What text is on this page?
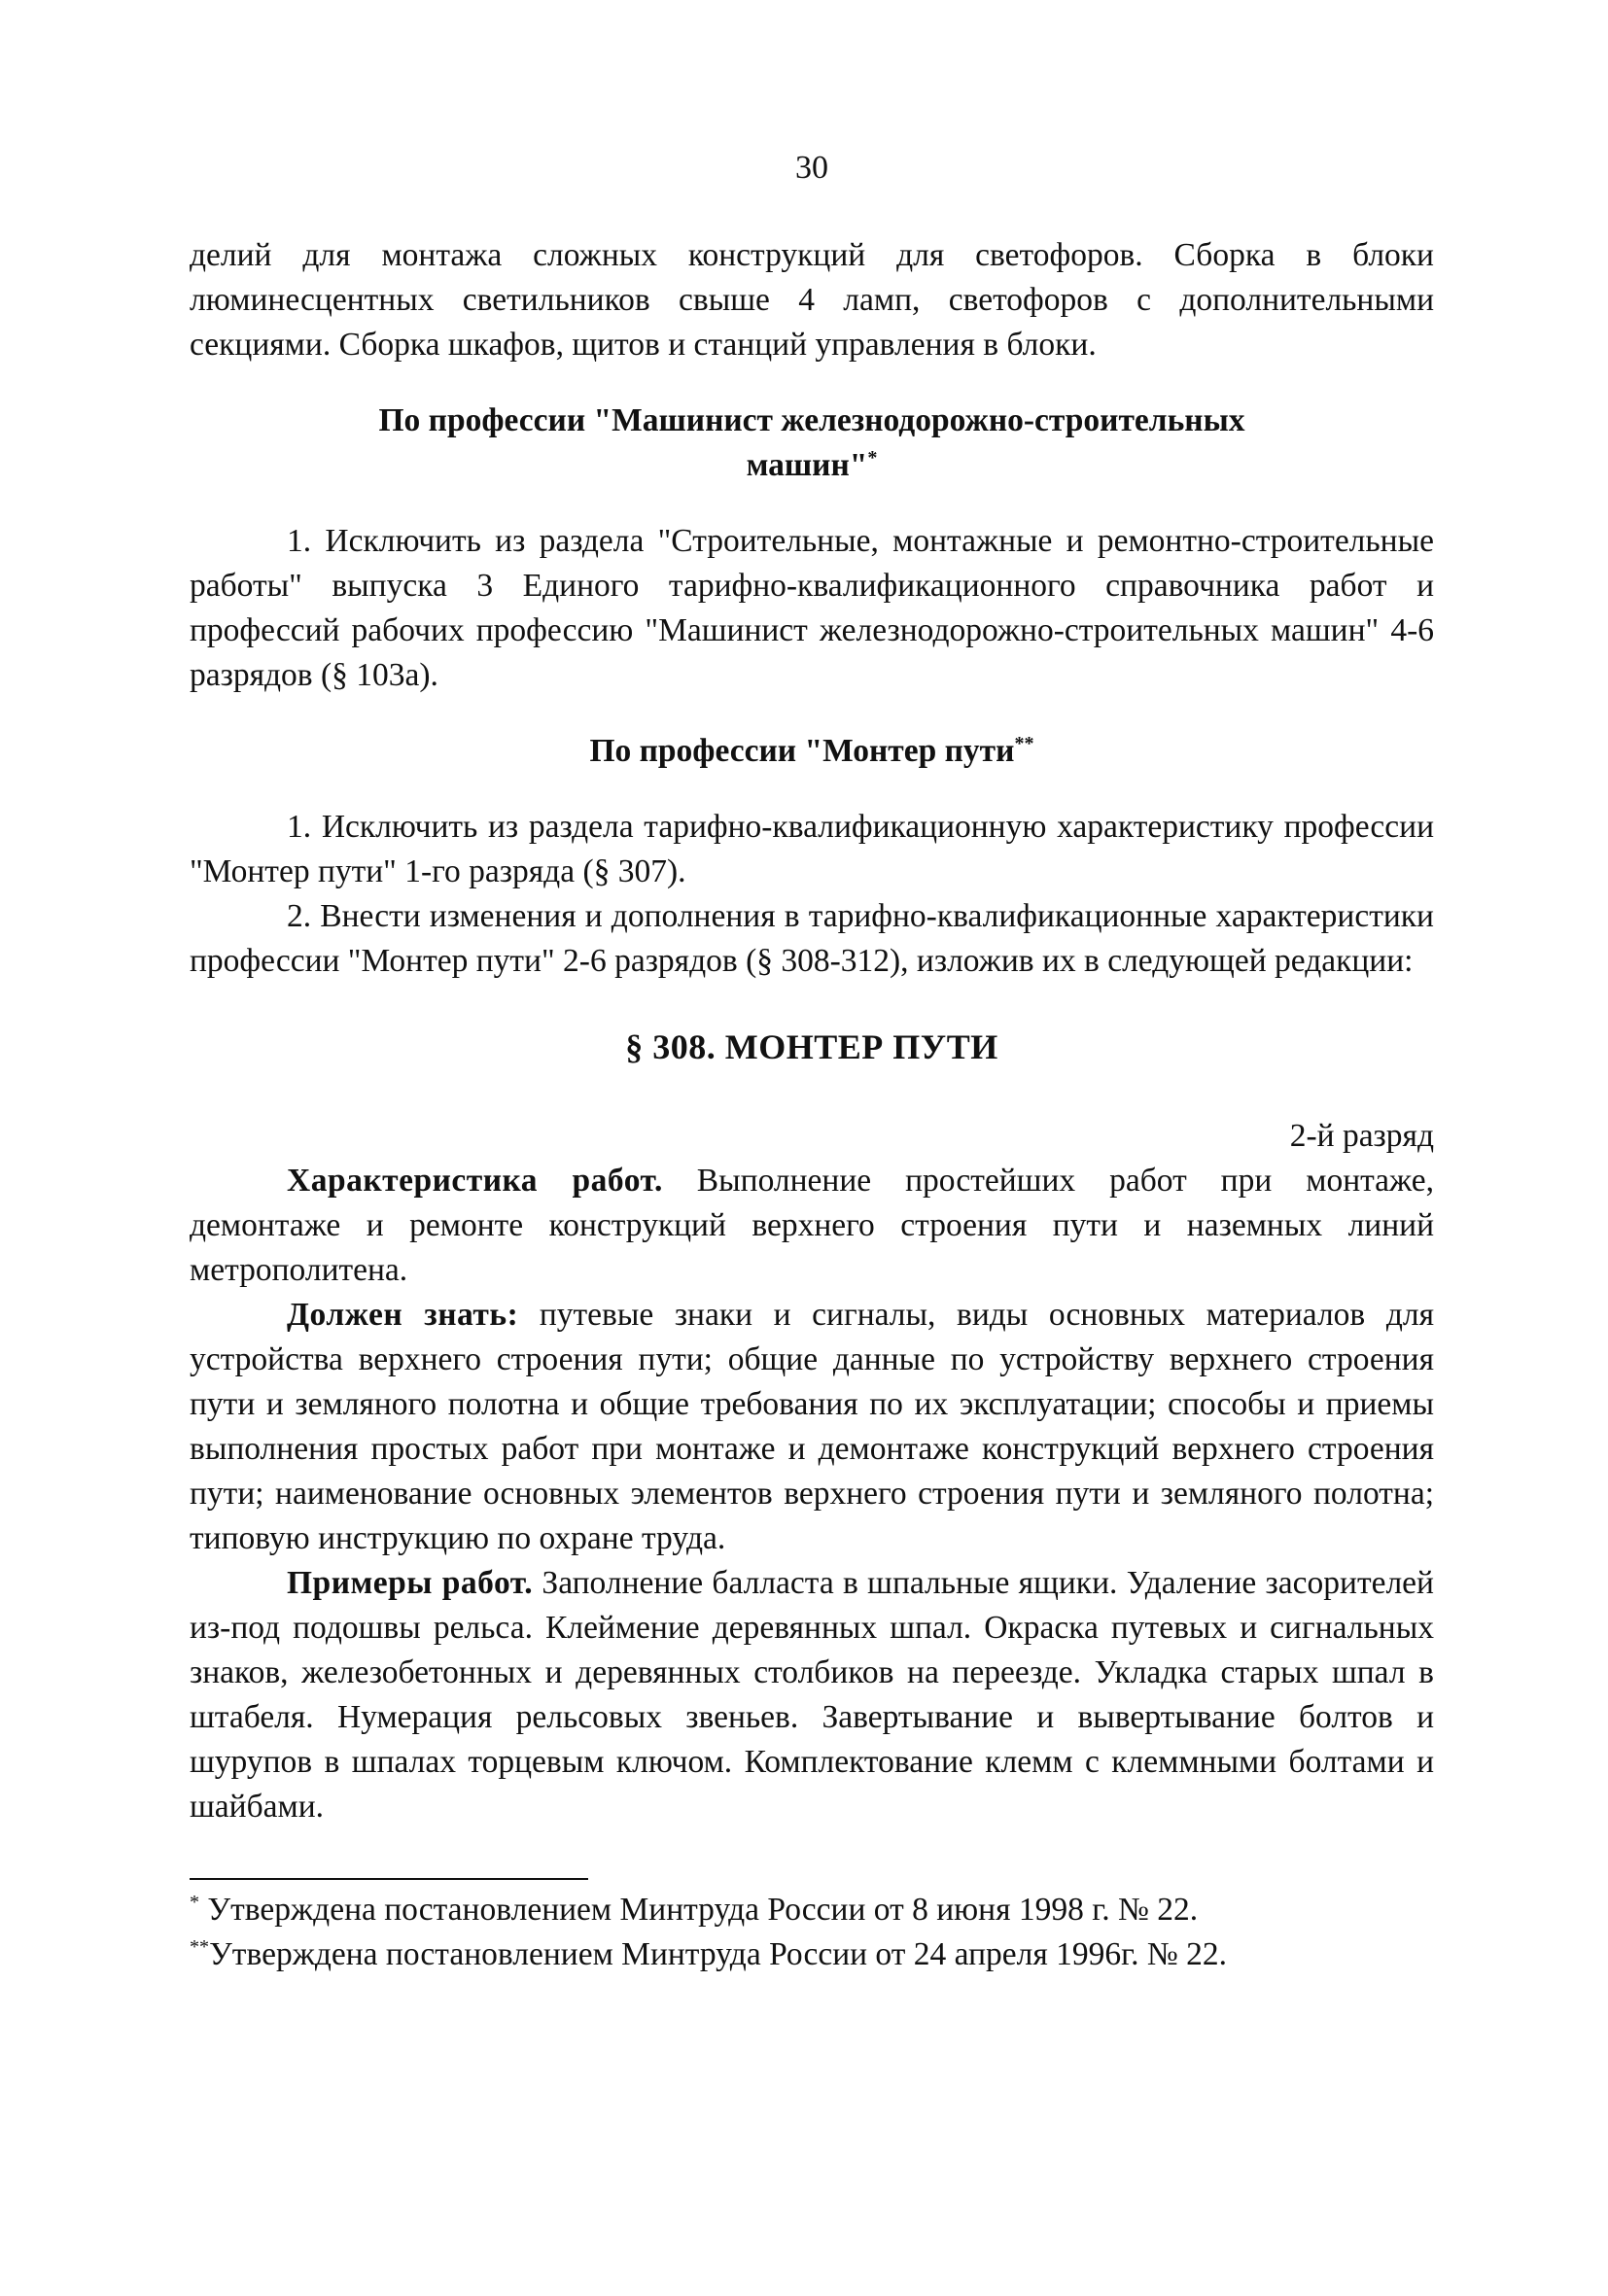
30

делий для монтажа сложных конструкций для светофоров. Сборка в блоки люминесцентных светильников свыше 4 ламп, светофоров с дополнительными секциями. Сборка шкафов, щитов и станций управления в блоки.

По профессии "Машинист железнодорожно-строительных
машин"*

1. Исключить из раздела "Строительные, монтажные и ремонтно-строительные работы" выпуска 3 Единого тарифно-квалификационного справочника работ и профессий рабочих профессию "Машинист железнодорожно-строительных машин" 4-6 разрядов (§ 103а).

По профессии "Монтер пути**

1. Исключить из раздела тарифно-квалификационную характеристику профессии "Монтер пути" 1-го разряда (§ 307).

2. Внести изменения и дополнения в тарифно-квалификационные характеристики профессии "Монтер пути" 2-6 разрядов (§ 308-312), изложив их в следующей редакции:

§ 308. МОНТЕР ПУТИ

2-й разряд

Характеристика работ. Выполнение простейших работ при монтаже, демонтаже и ремонте конструкций верхнего строения пути и наземных линий метрополитена.

Должен знать: путевые знаки и сигналы, виды основных материалов для устройства верхнего строения пути; общие данные по устройству верхнего строения пути и земляного полотна и общие требования по их эксплуатации; способы и приемы выполнения простых работ при монтаже и демонтаже конструкций верхнего строения пути; наименование основных элементов верхнего строения пути и земляного полотна; типовую инструкцию по охране труда.

Примеры работ. Заполнение балласта в шпальные ящики. Удаление засорителей из-под подошвы рельса. Клеймение деревянных шпал. Окраска путевых и сигнальных знаков, железобетонных и деревянных столбиков на переезде. Укладка старых шпал в штабеля. Нумерация рельсовых звеньев. Завертывание и вывертывание болтов и шурупов в шпалах торцевым ключом. Комплектование клемм с клеммными болтами и шайбами.

* Утверждена постановлением Минтруда России от 8 июня 1998 г. № 22.

**Утверждена постановлением Минтруда России от 24 апреля 1996г. № 22.
